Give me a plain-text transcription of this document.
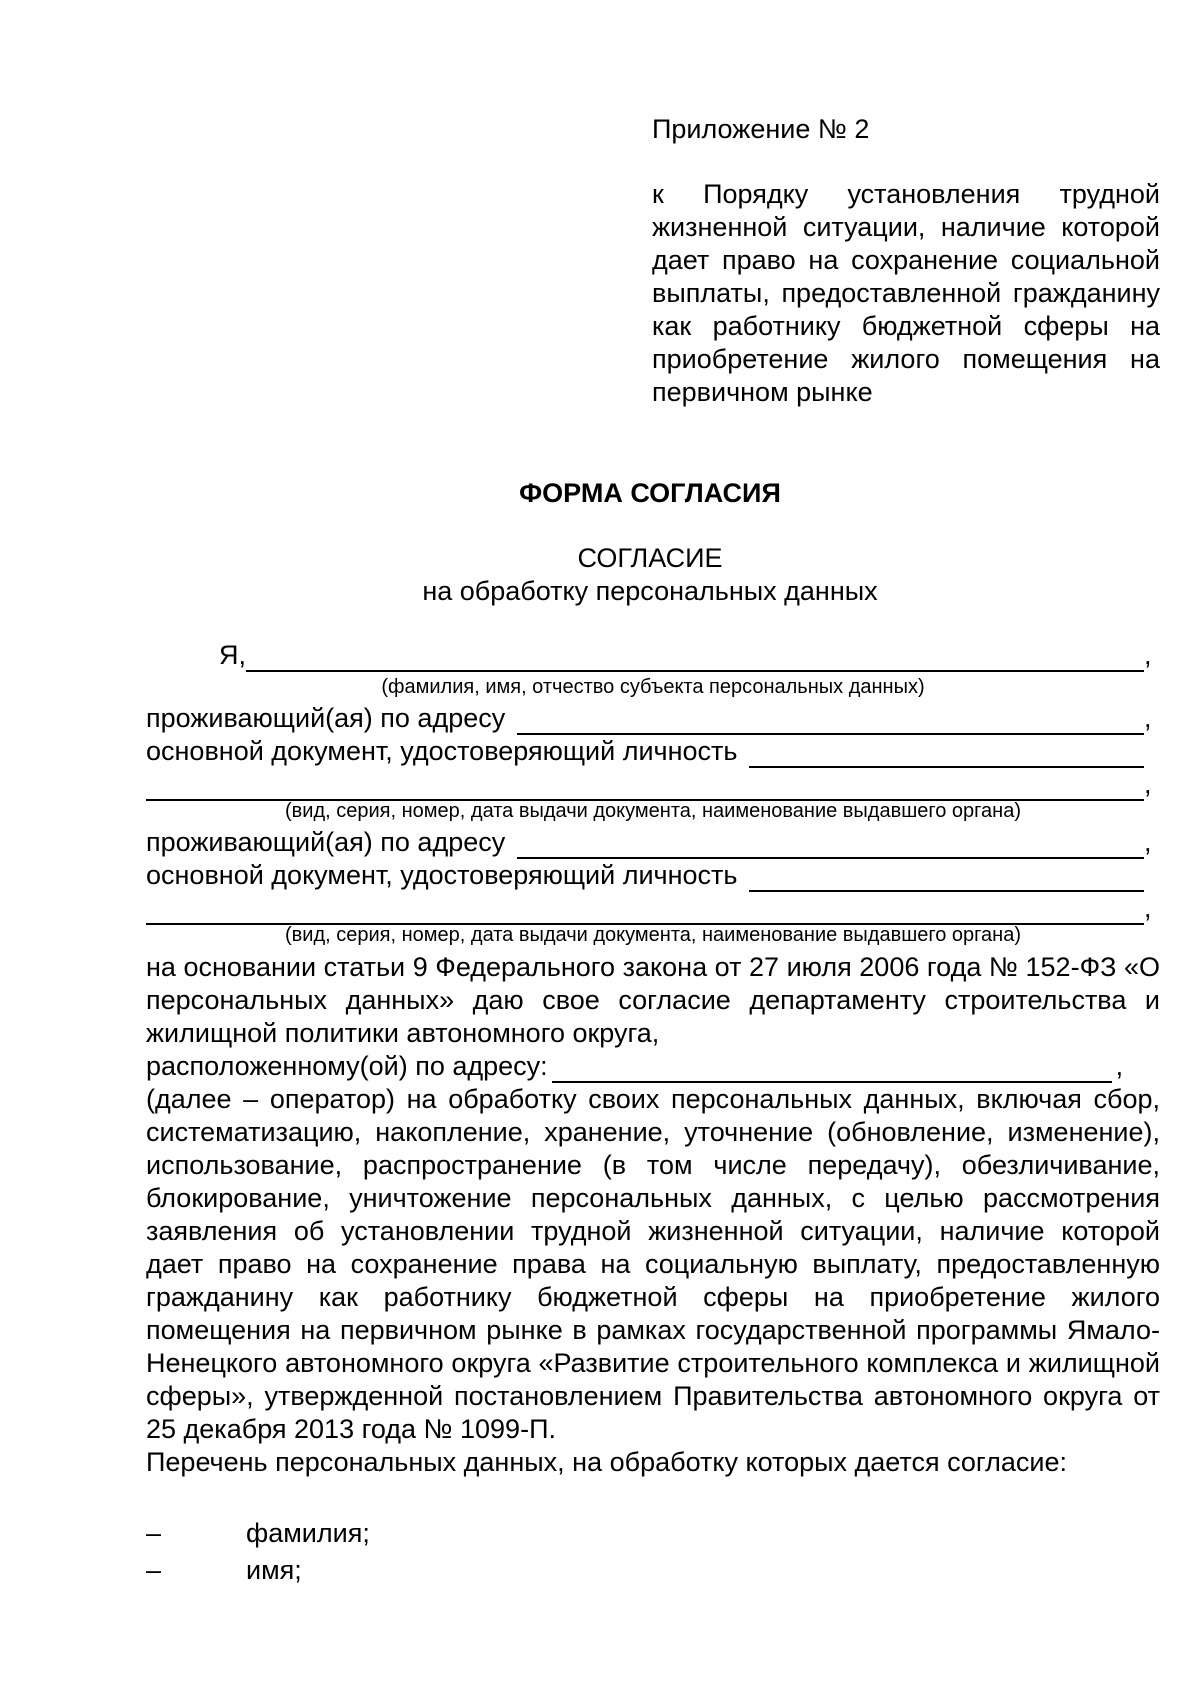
Приложение № 2
к Порядку установления трудной жизненной ситуации, наличие которой дает право на сохранение социальной выплаты, предоставленной гражданину как работнику бюджетной сферы на приобретение жилого помещения на первичном рынке
ФОРМА СОГЛАСИЯ
СОГЛАСИЕ
на обработку персональных данных
Я,	,
(фамилия, имя, отчество субъекта персональных данных)
проживающий(ая) по адресу	,
основной документ, удостоверяющий личность
,
(вид, серия, номер, дата выдачи документа, наименование выдавшего органа)
проживающий(ая) по адресу	,
основной документ, удостоверяющий личность
,
(вид, серия, номер, дата выдачи документа, наименование выдавшего органа)

на основании статьи 9 Федерального закона от 27 июля 2006 года № 152-ФЗ «О персональных данных» даю свое согласие департаменту строительства и жилищной политики автономного округа,

расположенному(ой) по адресу:	,

(далее – оператор) на обработку своих персональных данных, включая сбор, систематизацию, накопление, хранение, уточнение (обновление, изменение), использование, распространение (в том числе передачу), обезличивание, блокирование, уничтожение персональных данных, с целью рассмотрения заявления об установлении трудной жизненной ситуации, наличие которой дает право на сохранение права на социальную выплату, предоставленную гражданину как работнику бюджетной сферы на приобретение жилого помещения на первичном рынке в рамках государственной программы Ямало-Ненецкого автономного округа «Развитие строительного комплекса и жилищной сферы», утвержденной постановлением Правительства автономного округа от 25 декабря 2013 года № 1099-П.

Перечень персональных данных, на обработку которых дается согласие:

–	фамилия;
–	имя;
